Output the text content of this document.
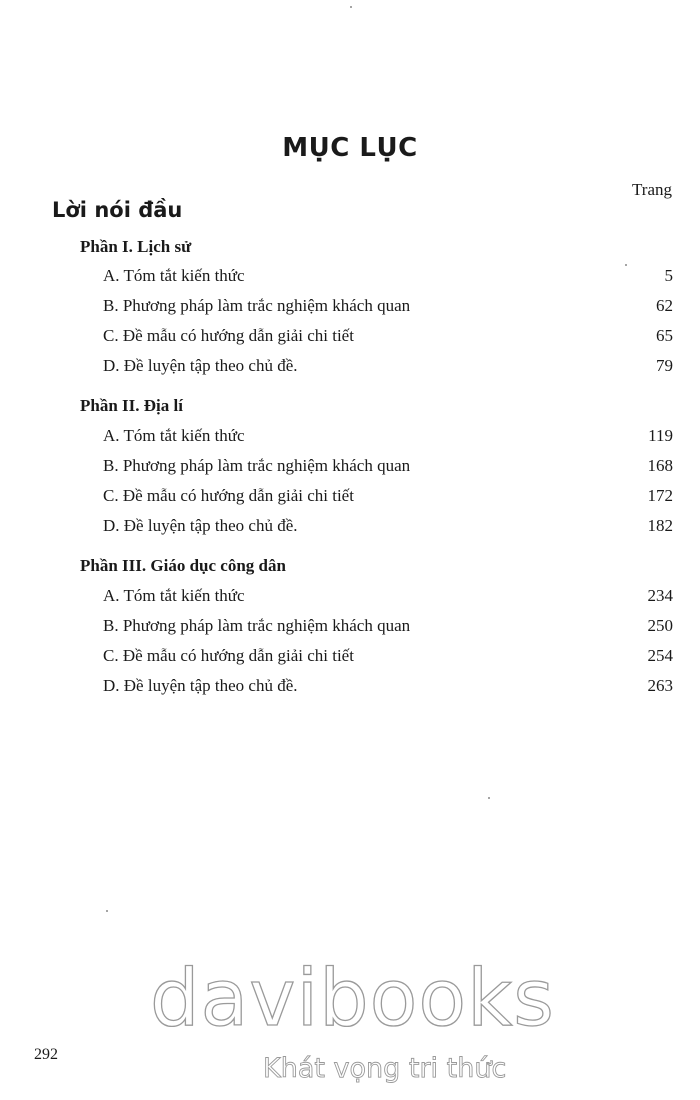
MỤC LỤC
Trang
Lời nói đầu
Phần I. Lịch sử
A. Tóm tắt kiến thức	5
B. Phương pháp làm trắc nghiệm khách quan	62
C. Đề mẫu có hướng dẫn giải chi tiết	65
D. Đề luyện tập theo chủ đề.	79
Phần II. Địa lí
A. Tóm tắt kiến thức	119
B. Phương pháp làm trắc nghiệm khách quan	168
C. Đề mẫu có hướng dẫn giải chi tiết	172
D. Đề luyện tập theo chủ đề.	182
Phần III. Giáo dục công dân
A. Tóm tắt kiến thức	234
B. Phương pháp làm trắc nghiệm khách quan	250
C. Đề mẫu có hướng dẫn giải chi tiết	254
D. Đề luyện tập theo chủ đề.	263
292
davibooks
Khát vọng tri thức
